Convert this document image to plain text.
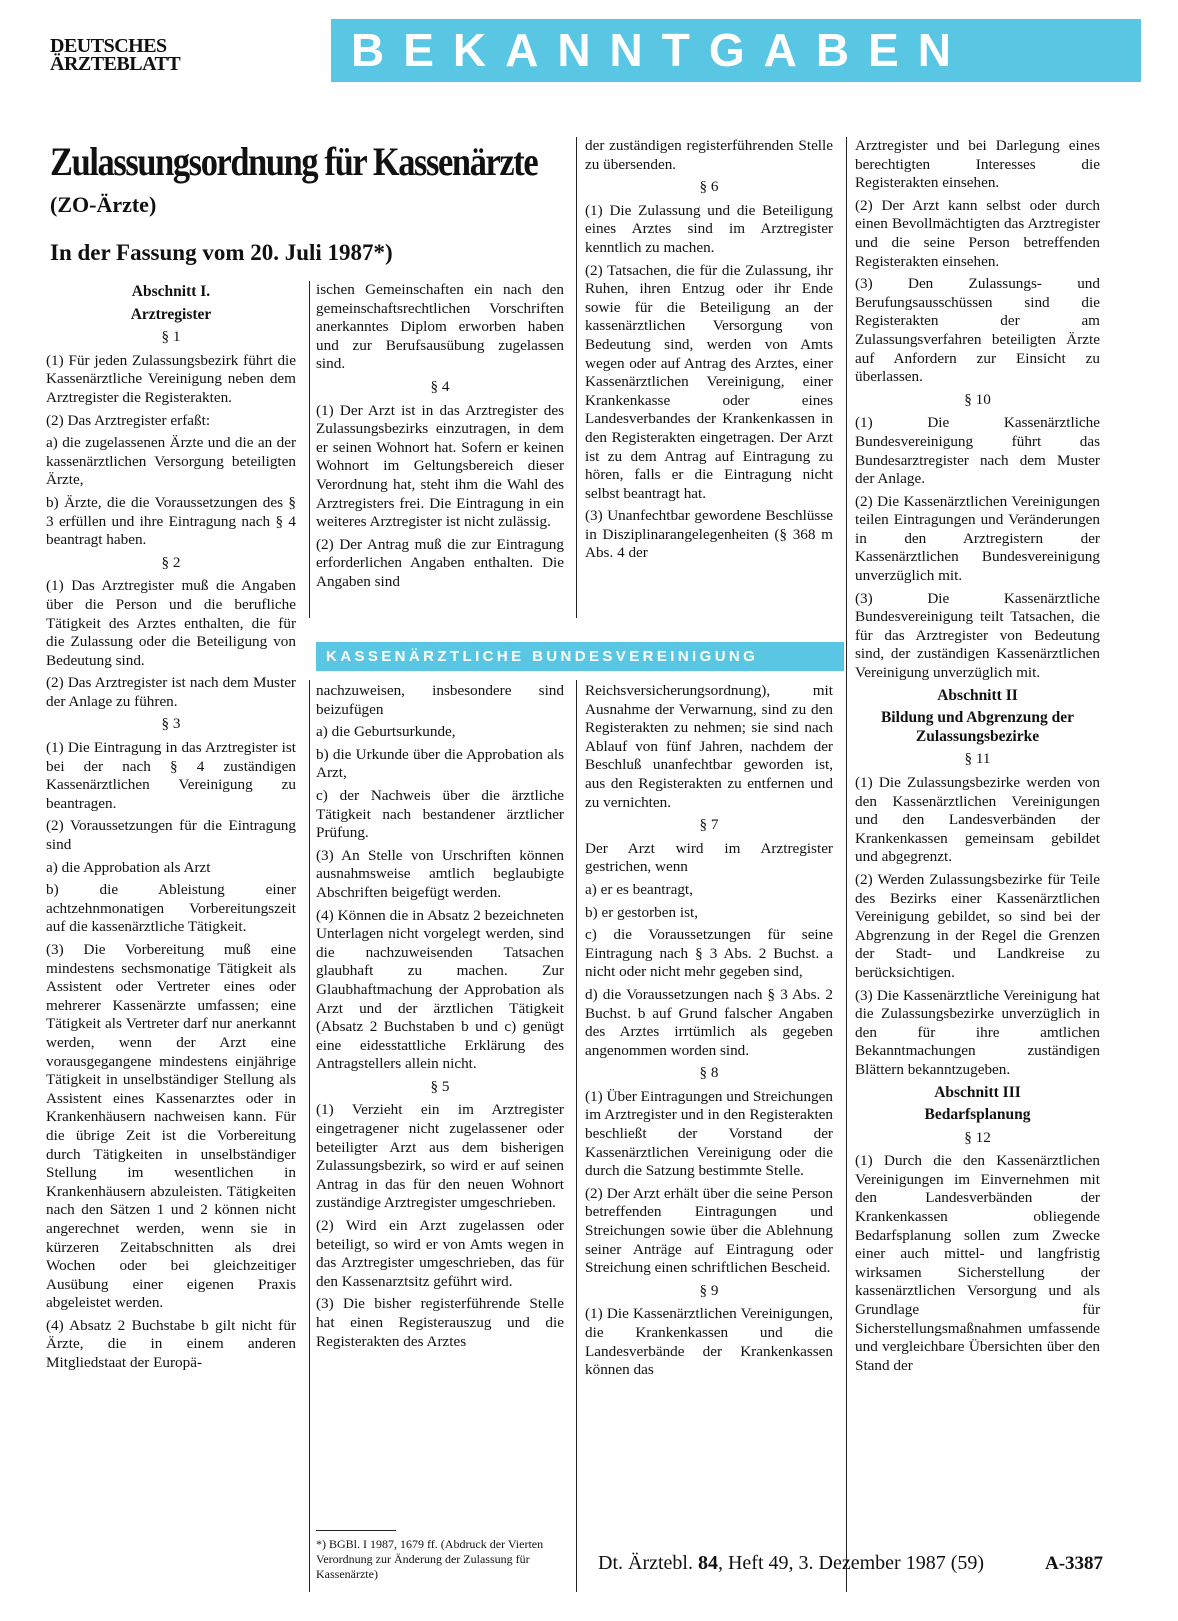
DEUTSCHES
ÄRZTEBLATT	BEKANNTGABEN
Zulassungsordnung für Kassenärzte
(ZO-Ärzte)
In der Fassung vom 20. Juli 1987*)
Abschnitt I.
Arztregister
§ 1

(1) Für jeden Zulassungsbezirk führt die Kassenärztliche Vereinigung neben dem Arztregister die Registerakten.

(2) Das Arztregister erfaßt:

a) die zugelassenen Ärzte und die an der kassenärztlichen Versorgung beteiligten Ärzte,

b) Ärzte, die die Voraussetzungen des § 3 erfüllen und ihre Eintragung nach § 4 beantragt haben.

§ 2

(1) Das Arztregister muß die Angaben über die Person und die berufliche Tätigkeit des Arztes enthalten, die für die Zulassung oder die Beteiligung von Bedeutung sind.

(2) Das Arztregister ist nach dem Muster der Anlage zu führen.

§ 3

(1) Die Eintragung in das Arztregister ist bei der nach § 4 zuständigen Kassenärztlichen Vereinigung zu beantragen.

(2) Voraussetzungen für die Eintragung sind

a) die Approbation als Arzt

b) die Ableistung einer achtzehnmonatigen Vorbereitungszeit auf die kassenärztliche Tätigkeit.

(3) Die Vorbereitung muß eine mindestens sechsmonatige Tätigkeit als Assistent oder Vertreter eines oder mehrerer Kassenärzte umfassen; eine Tätigkeit als Vertreter darf nur anerkannt werden, wenn der Arzt eine vorausgegangene mindestens einjährige Tätigkeit in unselbständiger Stellung als Assistent eines Kassenarztes oder in Krankenhäusern nachweisen kann. Für die übrige Zeit ist die Vorbereitung durch Tätigkeiten in unselbständiger Stellung im wesentlichen in Krankenhäusern abzuleisten. Tätigkeiten nach den Sätzen 1 und 2 können nicht angerechnet werden, wenn sie in kürzeren Zeitabschnitten als drei Wochen oder bei gleichzeitiger Ausübung einer eigenen Praxis abgeleistet werden.

(4) Absatz 2 Buchstabe b gilt nicht für Ärzte, die in einem anderen Mitgliedstaat der Europä-

ischen Gemeinschaften ein nach den gemeinschaftsrechtlichen Vorschriften anerkanntes Diplom erworben haben und zur Berufsausübung zugelassen sind.

§ 4

(1) Der Arzt ist in das Arztregister des Zulassungsbezirks einzutragen, in dem er seinen Wohnort hat. Sofern er keinen Wohnort im Geltungsbereich dieser Verordnung hat, steht ihm die Wahl des Arztregisters frei. Die Eintragung in ein weiteres Arztregister ist nicht zulässig.

(2) Der Antrag muß die zur Eintragung erforderlichen Angaben enthalten. Die Angaben sind

der zuständigen registerführenden Stelle zu übersenden.

§ 6

(1) Die Zulassung und die Beteiligung eines Arztes sind im Arztregister kenntlich zu machen.

(2) Tatsachen, die für die Zulassung, ihr Ruhen, ihren Entzug oder ihr Ende sowie für die Beteiligung an der kassenärztlichen Versorgung von Bedeutung sind, werden von Amts wegen oder auf Antrag des Arztes, einer Kassenärztlichen Vereinigung, einer Krankenkasse oder eines Landesverbandes der Krankenkassen in den Registerakten eingetragen. Der Arzt ist zu dem Antrag auf Eintragung zu hören, falls er die Eintragung nicht selbst beantragt hat.

(3) Unanfechtbar gewordene Beschlüsse in Disziplinarangelegenheiten (§ 368 m Abs. 4 der

KASSENÄRZTLICHE BUNDESVEREINIGUNG

nachzuweisen, insbesondere sind beizufügen

a) die Geburtsurkunde,

b) die Urkunde über die Approbation als Arzt,

c) der Nachweis über die ärztliche Tätigkeit nach bestandener ärztlicher Prüfung.

(3) An Stelle von Urschriften können ausnahmsweise amtlich beglaubigte Abschriften beigefügt werden.

(4) Können die in Absatz 2 bezeichneten Unterlagen nicht vorgelegt werden, sind die nachzuweisenden Tatsachen glaubhaft zu machen. Zur Glaubhaftmachung der Approbation als Arzt und der ärztlichen Tätigkeit (Absatz 2 Buchstaben b und c) genügt eine eidesstattliche Erklärung des Antragstellers allein nicht.

§ 5

(1) Verzieht ein im Arztregister eingetragener nicht zugelassener oder beteiligter Arzt aus dem bisherigen Zulassungsbezirk, so wird er auf seinen Antrag in das für den neuen Wohnort zuständige Arztregister umgeschrieben.

(2) Wird ein Arzt zugelassen oder beteiligt, so wird er von Amts wegen in das Arztregister umgeschrieben, das für den Kassenarztsitz geführt wird.

(3) Die bisher registerführende Stelle hat einen Registerauszug und die Registerakten des Arztes

Reichsversicherungsordnung), mit Ausnahme der Verwarnung, sind zu den Registerakten zu nehmen; sie sind nach Ablauf von fünf Jahren, nachdem der Beschluß unanfechtbar geworden ist, aus den Registerakten zu entfernen und zu vernichten.

§ 7

Der Arzt wird im Arztregister gestrichen, wenn

a) er es beantragt,

b) er gestorben ist,

c) die Voraussetzungen für seine Eintragung nach § 3 Abs. 2 Buchst. a nicht oder nicht mehr gegeben sind,

d) die Voraussetzungen nach § 3 Abs. 2 Buchst. b auf Grund falscher Angaben des Arztes irrtümlich als gegeben angenommen worden sind.

§ 8

(1) Über Eintragungen und Streichungen im Arztregister und in den Registerakten beschließt der Vorstand der Kassenärztlichen Vereinigung oder die durch die Satzung bestimmte Stelle.

(2) Der Arzt erhält über die seine Person betreffenden Eintragungen und Streichungen sowie über die Ablehnung seiner Anträge auf Eintragung oder Streichung einen schriftlichen Bescheid.

§ 9

(1) Die Kassenärztlichen Vereinigungen, die Krankenkassen und die Landesverbände der Krankenkassen können das

Arztregister und bei Darlegung eines berechtigten Interesses die Registerakten einsehen.

(2) Der Arzt kann selbst oder durch einen Bevollmächtigten das Arztregister und die seine Person betreffenden Registerakten einsehen.

(3) Den Zulassungs- und Berufungsausschüssen sind die Registerakten der am Zulassungsverfahren beteiligten Ärzte auf Anfordern zur Einsicht zu überlassen.

§ 10

(1) Die Kassenärztliche Bundesvereinigung führt das Bundesarztregister nach dem Muster der Anlage.

(2) Die Kassenärztlichen Vereinigungen teilen Eintragungen und Veränderungen in den Arztregistern der Kassenärztlichen Bundesvereinigung unverzüglich mit.

(3) Die Kassenärztliche Bundesvereinigung teilt Tatsachen, die für das Arztregister von Bedeutung sind, der zuständigen Kassenärztlichen Vereinigung unverzüglich mit.

Abschnitt II
Bildung und Abgrenzung der Zulassungsbezirke
§ 11

(1) Die Zulassungsbezirke werden von den Kassenärztlichen Vereinigungen und den Landesverbänden der Krankenkassen gemeinsam gebildet und abgegrenzt.

(2) Werden Zulassungsbezirke für Teile des Bezirks einer Kassenärztlichen Vereinigung gebildet, so sind bei der Abgrenzung in der Regel die Grenzen der Stadt- und Landkreise zu berücksichtigen.

(3) Die Kassenärztliche Vereinigung hat die Zulassungsbezirke unverzüglich in den für ihre amtlichen Bekanntmachungen zuständigen Blättern bekanntzugeben.

Abschnitt III
Bedarfsplanung
§ 12

(1) Durch die den Kassenärztlichen Vereinigungen im Einvernehmen mit den Landesverbänden der Krankenkassen obliegende Bedarfsplanung sollen zum Zwecke einer auch mittel- und langfristig wirksamen Sicherstellung der kassenärztlichen Versorgung und als Grundlage für Sicherstellungsmaßnahmen umfassende und vergleichbare Übersichten über den Stand der

*) BGBl. I 1987, 1679 ff. (Abdruck der Vierten Verordnung zur Änderung der Zulassung für Kassenärzte)	Dt. Ärztebl. 84, Heft 49, 3. Dezember 1987 (59)	A-3387
